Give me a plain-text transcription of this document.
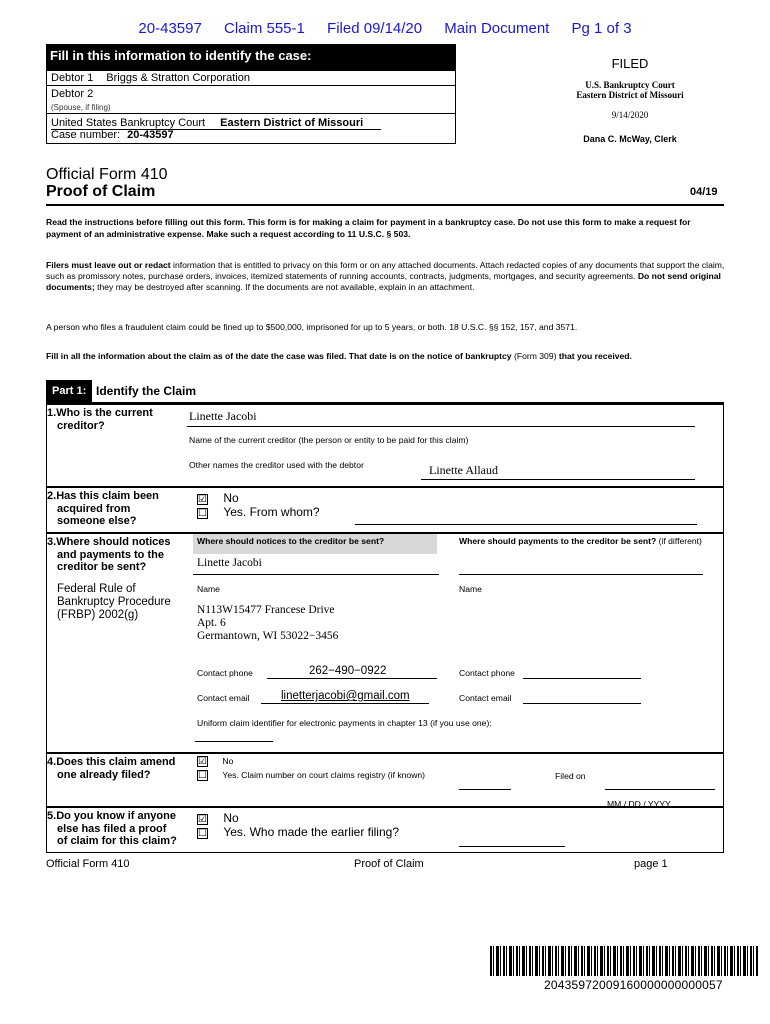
20-43597 Claim 555-1 Filed 09/14/20 Main Document Pg 1 of 3
Fill in this information to identify the case:
Debtor 1 Briggs & Stratton Corporation
Debtor 2
(Spouse, if filing)
United States Bankruptcy Court Eastern District of Missouri
Case number: 20-43597
FILED
U.S. Bankruptcy Court
Eastern District of Missouri
9/14/2020
Dana C. McWay, Clerk
Official Form 410
Proof of Claim	04/19
Read the instructions before filling out this form. This form is for making a claim for payment in a bankruptcy case. Do not use this form to make a request for payment of an administrative expense. Make such a request according to 11 U.S.C. § 503.
Filers must leave out or redact information that is entitled to privacy on this form or on any attached documents. Attach redacted copies of any documents that support the claim, such as promissory notes, purchase orders, invoices, itemized statements of running accounts, contracts, judgments, mortgages, and security agreements. Do not send original documents; they may be destroyed after scanning. If the documents are not available, explain in an attachment.
A person who files a fraudulent claim could be fined up to $500,000, imprisoned for up to 5 years, or both. 18 U.S.C. §§ 152, 157, and 3571.
Fill in all the information about the claim as of the date the case was filed. That date is on the notice of bankruptcy (Form 309) that you received.
Part 1: Identify the Claim
1.Who is the current
creditor?
Linette Jacobi
Name of the current creditor (the person or entity to be paid for this claim)
Other names the creditor used with the debtor	Linette Allaud
2.Has this claim been
acquired from
someone else?
☑ No
☐ Yes. From whom?
3.Where should notices
and payments to the
creditor be sent?
Federal Rule of
Bankruptcy Procedure
(FRBP) 2002(g)
Where should notices to the creditor be sent?	Where should payments to the creditor be sent? (if different)
Linette Jacobi
Name	Name
N113W15477 Francese Drive
Apt. 6
Germantown, WI 53022−3456
Contact phone	262−490−0922	Contact phone
Contact email	linetterjacobi@gmail.com	Contact email
Uniform claim identifier for electronic payments in chapter 13 (if you use one):
4.Does this claim amend
one already filed?
☑ No
☐ Yes. Claim number on court claims registry (if known)	Filed on
MM / DD / YYYY
5.Do you know if anyone
else has filed a proof
of claim for this claim?
☑ No
☐ Yes. Who made the earlier filing?
Official Form 410	Proof of Claim	page 1
20435972009160000000000057
